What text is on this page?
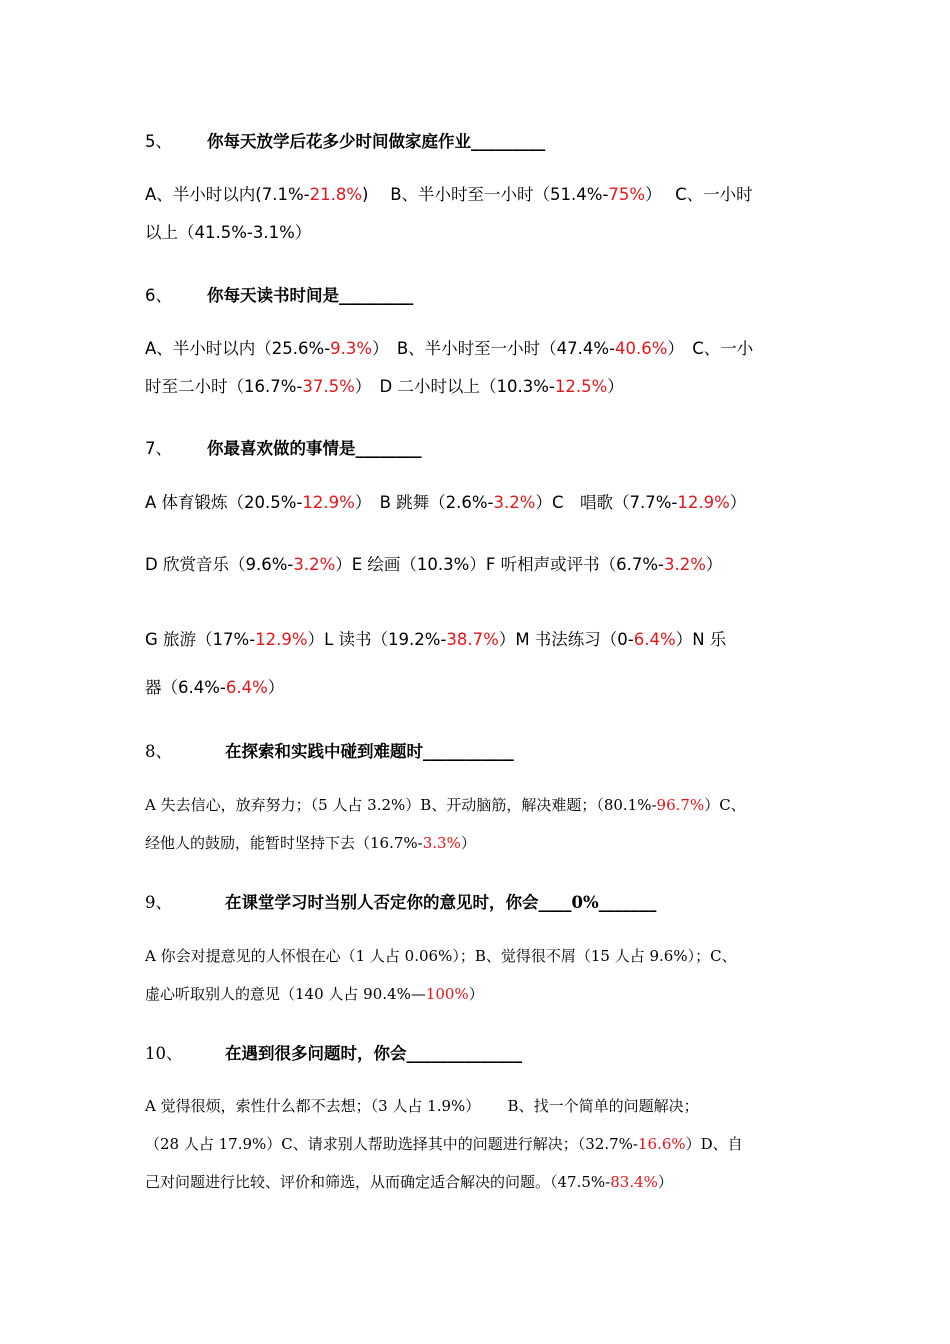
5、 你每天放学后花多少时间做家庭作业_________
A、半小时以内(7.1%-21.8%)　 B、半小时至一小时（51.4%-75%）　 C、一小时
以上（41.5%-3.1%）
6、 你每天读书时间是_________
A、半小时以内（25.6%-9.3%）　B、半小时至一小时（47.4%-40.6%）　C、一小
时至二小时（16.7%-37.5%）　D 二小时以上（10.3%-12.5%）
7、 你最喜欢做的事情是________
A 体育锻炼（20.5%-12.9%）　B 跳舞（2.6%-3.2%）C　唱歌（7.7%-12.9%）
D 欣赏音乐（9.6%-3.2%）E 绘画（10.3%）F 听相声或评书（6.7%-3.2%）
G 旅游（17%-12.9%）L 读书（19.2%-38.7%）M 书法练习（0-6.4%）N 乐
器（6.4%-6.4%）
8、	在探索和实践中碰到难题时___________
A 失去信心，放弃努力；（5 人占 3.2%）B、开动脑筋，解决难题；（80.1%-96.7%）C、
经他人的鼓励，能暂时坚持下去（16.7%-3.3%）
9、	在课堂学习时当别人否定你的意见时，你会____0%_______
A 你会对提意见的人怀恨在心（1 人占 0.06%）；B、觉得很不屑（15 人占 9.6%）；C、
虚心听取别人的意见（140 人占 90.4%—100%）
10、	在遇到很多问题时，你会______________
A 觉得很烦，索性什么都不去想；（3 人占 1.9%）　　 B、找一个简单的问题解决；
（28 人占 17.9%）C、请求别人帮助选择其中的问题进行解决；（32.7%-16.6%）D、自
己对问题进行比较、评价和筛选，从而确定适合解决的问题。（47.5%-83.4%）
